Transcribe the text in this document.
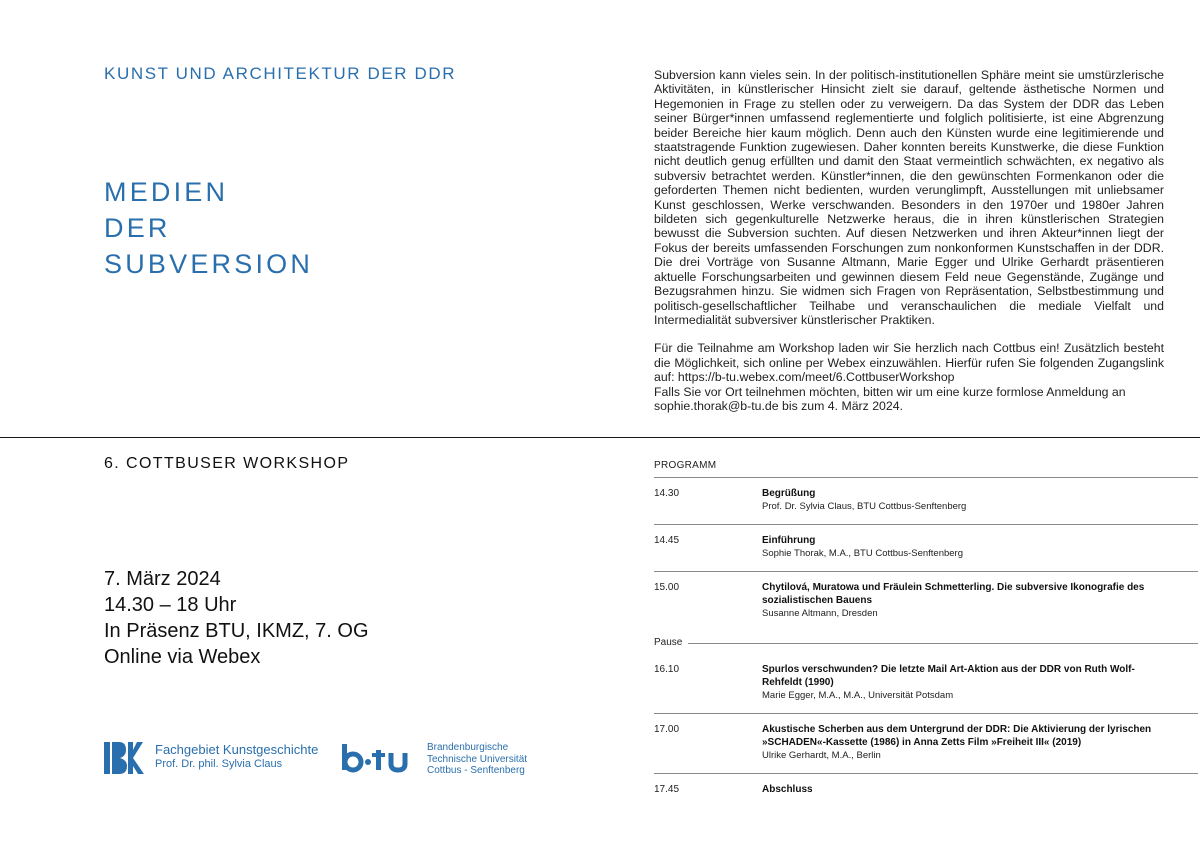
KUNST UND ARCHITEKTUR DER DDR
MEDIEN
DER
SUBVERSION

Subversion kann vieles sein. In der politisch-institutionellen Sphäre meint sie umstürzlerische Aktivitäten, in künstlerischer Hinsicht zielt sie darauf, geltende ästhetische Normen und Hegemonien in Frage zu stellen oder zu verweigern. Da das System der DDR das Leben seiner Bürger*innen umfassend reglementierte und folglich politisierte, ist eine Abgrenzung beider Bereiche hier kaum möglich. Denn auch den Künsten wurde eine legitimierende und staatstragende Funktion zugewiesen. Daher konnten bereits Kunstwerke, die diese Funktion nicht deutlich genug erfüllten und damit den Staat vermeintlich schwächten, ex negativo als subversiv betrachtet werden. Künstler*innen, die den gewünschten Formenkanon oder die geforderten Themen nicht bedienten, wurden verunglimpft, Ausstellungen mit unliebsamer Kunst geschlossen, Werke verschwanden. Besonders in den 1970er und 1980er Jahren bildeten sich gegenkulturelle Netzwerke heraus, die in ihren künstlerischen Strategien bewusst die Subversion suchten. Auf diesen Netzwerken und ihren Akteur*innen liegt der Fokus der bereits umfassenden Forschungen zum nonkonformen Kunstschaffen in der DDR. Die drei Vorträge von Susanne Altmann, Marie Egger und Ulrike Gerhardt präsentieren aktuelle Forschungsarbeiten und gewinnen diesem Feld neue Gegenstände, Zugänge und Bezugsrahmen hinzu. Sie widmen sich Fragen von Repräsentation, Selbstbestimmung und politisch-gesellschaftlicher Teilhabe und veranschaulichen die mediale Vielfalt und Intermedialität subversiver künstlerischer Praktiken.

Für die Teilnahme am Workshop laden wir Sie herzlich nach Cottbus ein! Zusätzlich besteht die Möglichkeit, sich online per Webex einzuwählen. Hierfür rufen Sie folgenden Zugangslink auf: https://b-tu.webex.com/meet/6.CottbuserWorkshop
Falls Sie vor Ort teilnehmen möchten, bitten wir um eine kurze formlose Anmeldung an sophie.thorak@b-tu.de bis zum 4. März 2024.

6. COTTBUSER WORKSHOP
7. März 2024
14.30 – 18 Uhr
In Präsenz BTU, IKMZ, 7. OG
Online via Webex
Fachgebiet Kunstgeschichte
Prof. Dr. phil. Sylvia Claus
Brandenburgische
Technische Universität
Cottbus - Senftenberg
PROGRAMM
14.30	Begrüßung
Prof. Dr. Sylvia Claus, BTU Cottbus-Senftenberg
14.45	Einführung
Sophie Thorak, M.A., BTU Cottbus-Senftenberg
15.00	Chytilová, Muratowa und Fräulein Schmetterling. Die subversive Ikonografie des sozialistischen Bauens
Susanne Altmann, Dresden
Pause
16.10	Spurlos verschwunden? Die letzte Mail Art-Aktion aus der DDR von Ruth Wolf-Rehfeldt (1990)
Marie Egger, M.A., M.A., Universität Potsdam
17.00	Akustische Scherben aus dem Untergrund der DDR: Die Aktivierung der lyrischen »SCHADEN«-Kassette (1986) in Anna Zetts Film »Freiheit III« (2019)
Ulrike Gerhardt, M.A., Berlin
17.45	Abschluss
